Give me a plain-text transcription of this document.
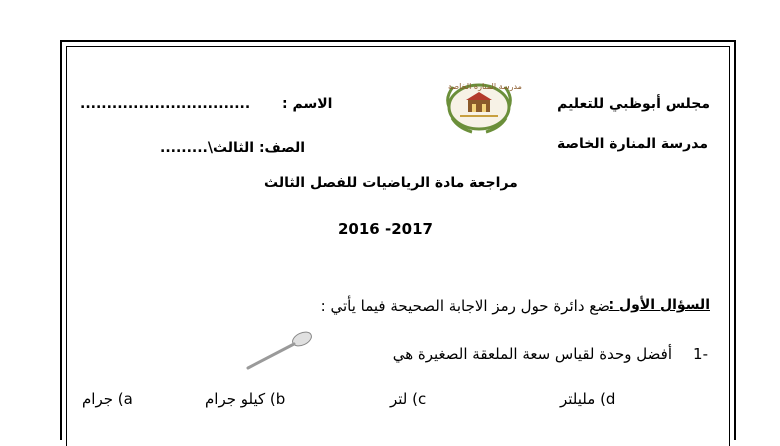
مجلس أبوظبي للتعليم
مدرسة المنارة الخاصة
الاسم :
................................
الصف: الثالث\.........
مدرسة المنارة الخاصة
مراجعة مادة الرياضيات للفصل الثالث
2016 -2017
السؤال الأول :
ضع دائرة حول رمز الاجابة الصحيحة فيما يأتي :
-1
أفضل وحدة لقياس سعة الملعقة الصغيرة هي
a) جرام	b) كيلو جرام	c) لتر	d) مليلتر
